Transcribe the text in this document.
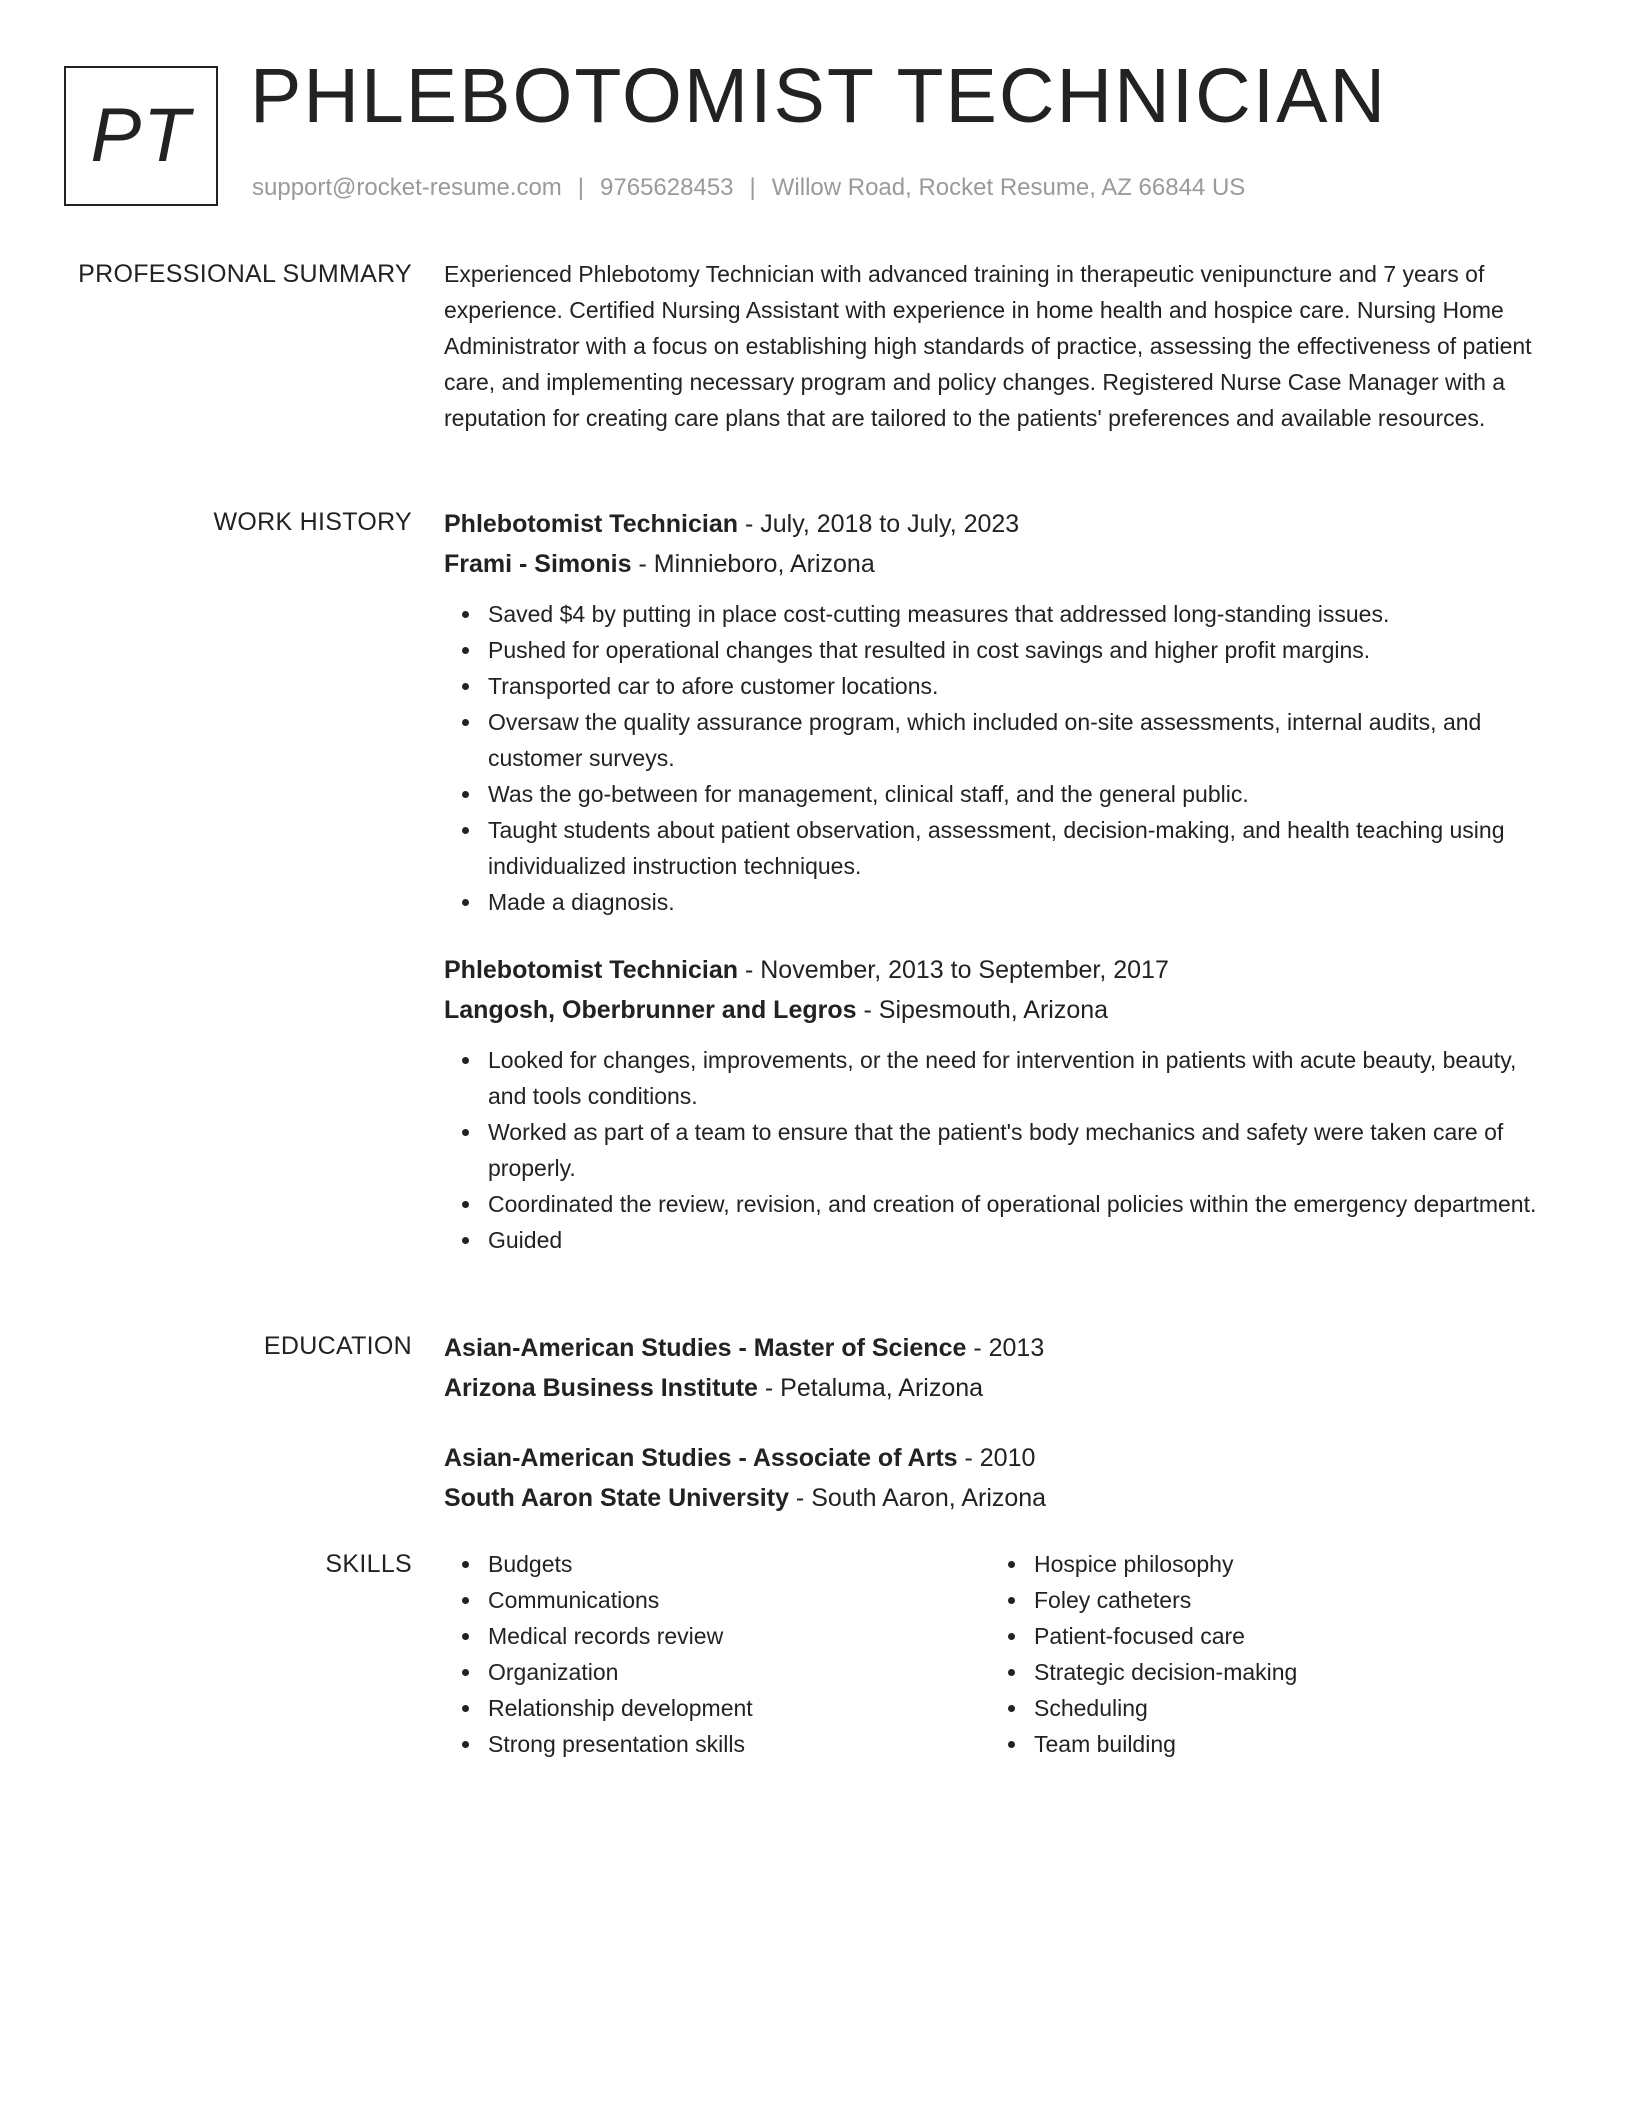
PT PHLEBOTOMIST TECHNICIAN
support@rocket-resume.com | 9765628453 | Willow Road, Rocket Resume, AZ 66844 US
PROFESSIONAL SUMMARY Experienced Phlebotomy Technician with advanced training in therapeutic venipuncture and 7 years of experience. Certified Nursing Assistant with experience in home health and hospice care. Nursing Home Administrator with a focus on establishing high standards of practice, assessing the effectiveness of patient care, and implementing necessary program and policy changes. Registered Nurse Case Manager with a reputation for creating care plans that are tailored to the patients' preferences and available resources.

WORK HISTORY Phlebotomist Technician - July, 2018 to July, 2023
Frami - Simonis - Minnieboro, Arizona
Saved $4 by putting in place cost-cutting measures that addressed long-standing issues.
Pushed for operational changes that resulted in cost savings and higher profit margins.
Transported car to afore customer locations.
Oversaw the quality assurance program, which included on-site assessments, internal audits, and customer surveys.
Was the go-between for management, clinical staff, and the general public.
Taught students about patient observation, assessment, decision-making, and health teaching using individualized instruction techniques.
Made a diagnosis.
Phlebotomist Technician - November, 2013 to September, 2017
Langosh, Oberbrunner and Legros - Sipesmouth, Arizona
Looked for changes, improvements, or the need for intervention in patients with acute beauty, beauty, and tools conditions.
Worked as part of a team to ensure that the patient's body mechanics and safety were taken care of properly.
Coordinated the review, revision, and creation of operational policies within the emergency department.
Guided
EDUCATION Asian-American Studies - Master of Science - 2013
Arizona Business Institute - Petaluma, Arizona
Asian-American Studies - Associate of Arts - 2010
South Aaron State University - South Aaron, Arizona
SKILLS	Budgets
Communications
Medical records review
Organization
Relationship development
Strong presentation skills
Hospice philosophy
Foley catheters
Patient-focused care
Strategic decision-making
Scheduling
Team building
